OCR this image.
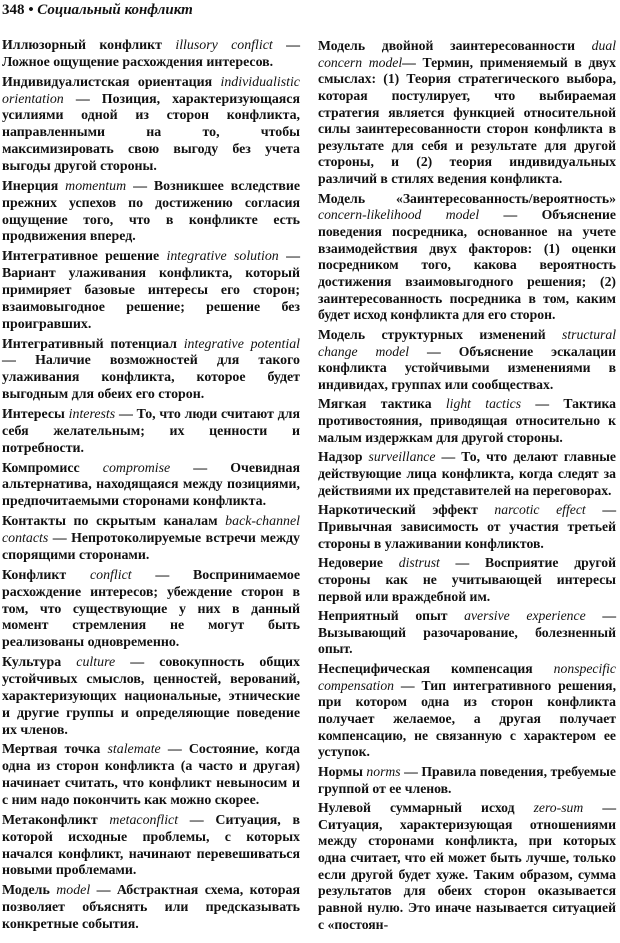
348 • Социальный конфликт

Иллюзорный конфликт illusory conflict — Ложное ощущение расхождения интересов.

Индивидуалистская ориентация individualistic orientation — Позиция, характеризующаяся усилиями одной из сторон конфликта, направленными на то, чтобы максимизировать свою выгоду без учета выгоды другой стороны.

Инерция momentum — Возникшее вследствие прежних успехов по достижению согласия ощущение того, что в конфликте есть продвижения вперед.

Интегративное решение integrative solution — Вариант улаживания конфликта, который примиряет базовые интересы его сторон; взаимовыгодное решение; решение без проигравших.

Интегративный потенциал integrative potential — Наличие возможностей для такого улаживания конфликта, которое будет выгодным для обеих его сторон.

Интересы interests — То, что люди считают для себя желательным; их ценности и потребности.

Компромисс compromise — Очевидная альтернатива, находящаяся между позициями, предпочитаемыми сторонами конфликта.

Контакты по скрытым каналам back-channel contacts — Непротоколируемые встречи между спорящими сторонами.

Конфликт conflict — Воспринимаемое расхождение интересов; убеждение сторон в том, что существующие у них в данный момент стремления не могут быть реализованы одновременно.

Культура culture — совокупность общих устойчивых смыслов, ценностей, верований, характеризующих национальные, этнические и другие группы и определяющие поведение их членов.

Мертвая точка stalemate — Состояние, когда одна из сторон конфликта (а часто и другая) начинает считать, что конфликт невыносим и с ним надо покончить как можно скорее.

Метаконфликт metaconflict — Ситуация, в которой исходные проблемы, с которых начался конфликт, начинают перевешиваться новыми проблемами.

Модель model — Абстрактная схема, которая позволяет объяснять или предсказывать конкретные события.

Модель двойной заинтересованности dual concern model— Термин, применяемый в двух смыслах: (1) Теория стратегического выбора, которая постулирует, что выбираемая стратегия является функцией относительной силы заинтересованности сторон конфликта в результате для себя и результате для другой стороны, и (2) теория индивидуальных различий в стилях ведения конфликта.

Модель «Заинтересованность/вероятность» concern-likelihood model — Объяснение поведения посредника, основанное на учете взаимодействия двух факторов: (1) оценки посредником того, какова вероятность достижения взаимовыгодного решения; (2) заинтересованность посредника в том, каким будет исход конфликта для его сторон.

Модель структурных изменений structural change model — Объяснение эскалации конфликта устойчивыми изменениями в индивидах, группах или сообществах.

Мягкая тактика light tactics — Тактика противостояния, приводящая относительно к малым издержкам для другой стороны.

Надзор surveillance — То, что делают главные действующие лица конфликта, когда следят за действиями их представителей на переговорах.

Наркотический эффект narcotic effect — Привычная зависимость от участия третьей стороны в улаживании конфликтов.

Недоверие distrust — Восприятие другой стороны как не учитывающей интересы первой или враждебной им.

Неприятный опыт aversive experience — Вызывающий разочарование, болезненный опыт.

Неспецифическая компенсация nonspecific compensation — Тип интегративного решения, при котором одна из сторон конфликта получает желаемое, а другая получает компенсацию, не связанную с характером ее уступок.

Нормы norms — Правила поведения, требуемые группой от ее членов.

Нулевой суммарный исход zero-sum — Ситуация, характеризующая отношениями между сторонами конфликта, при которых одна считает, что ей может быть лучше, только если другой будет хуже. Таким образом, сумма результатов для обеих сторон оказывается равной нулю. Это иначе называется ситуацией с «постоян-
